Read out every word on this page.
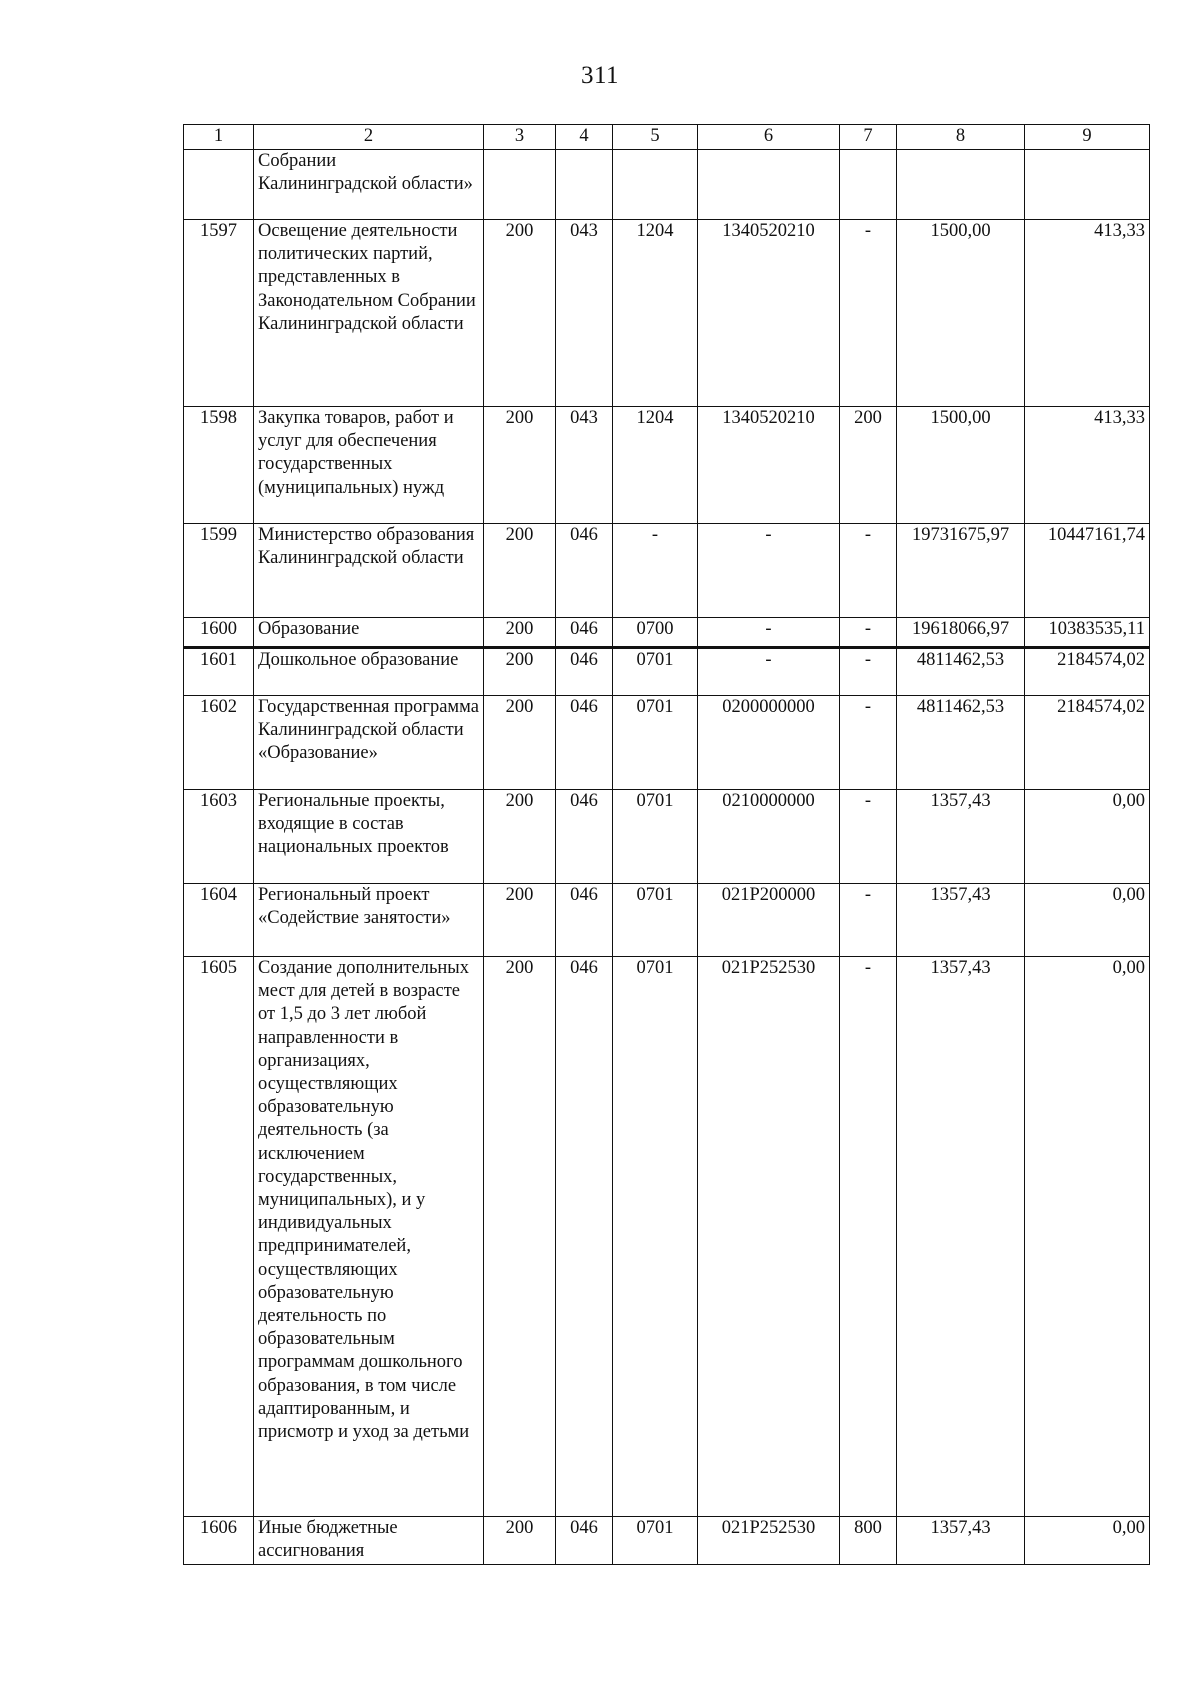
311
1	2	3	4	5	6	7	8	9
	Собрании Калининградской области»							
1597	Освещение деятельности политических партий, представленных в Законодательном Собрании Калининградской области	200	043	1204	1340520210	-	1500,00	413,33
1598	Закупка товаров, работ и услуг для обеспечения государственных (муниципальных) нужд	200	043	1204	1340520210	200	1500,00	413,33
1599	Министерство образования Калининградской области	200	046	-	-	-	19731675,97	10447161,74
1600	Образование	200	046	0700	-	-	19618066,97	10383535,11
1601	Дошкольное образование	200	046	0701	-	-	4811462,53	2184574,02
1602	Государственная программа Калининградской области «Образование»	200	046	0701	0200000000	-	4811462,53	2184574,02
1603	Региональные проекты, входящие в состав национальных проектов	200	046	0701	0210000000	-	1357,43	0,00
1604	Региональный проект «Содействие занятости»	200	046	0701	021P200000	-	1357,43	0,00
1605	Создание дополнительных мест для детей в возрасте от 1,5 до 3 лет любой направленности в организациях, осуществляющих образовательную деятельность (за исключением государственных, муниципальных), и у индивидуальных предпринимателей, осуществляющих образовательную деятельность по образовательным программам дошкольного образования, в том числе адаптированным, и присмотр и уход за детьми	200	046	0701	021P252530	-	1357,43	0,00
1606	Иные бюджетные ассигнования	200	046	0701	021P252530	800	1357,43	0,00
